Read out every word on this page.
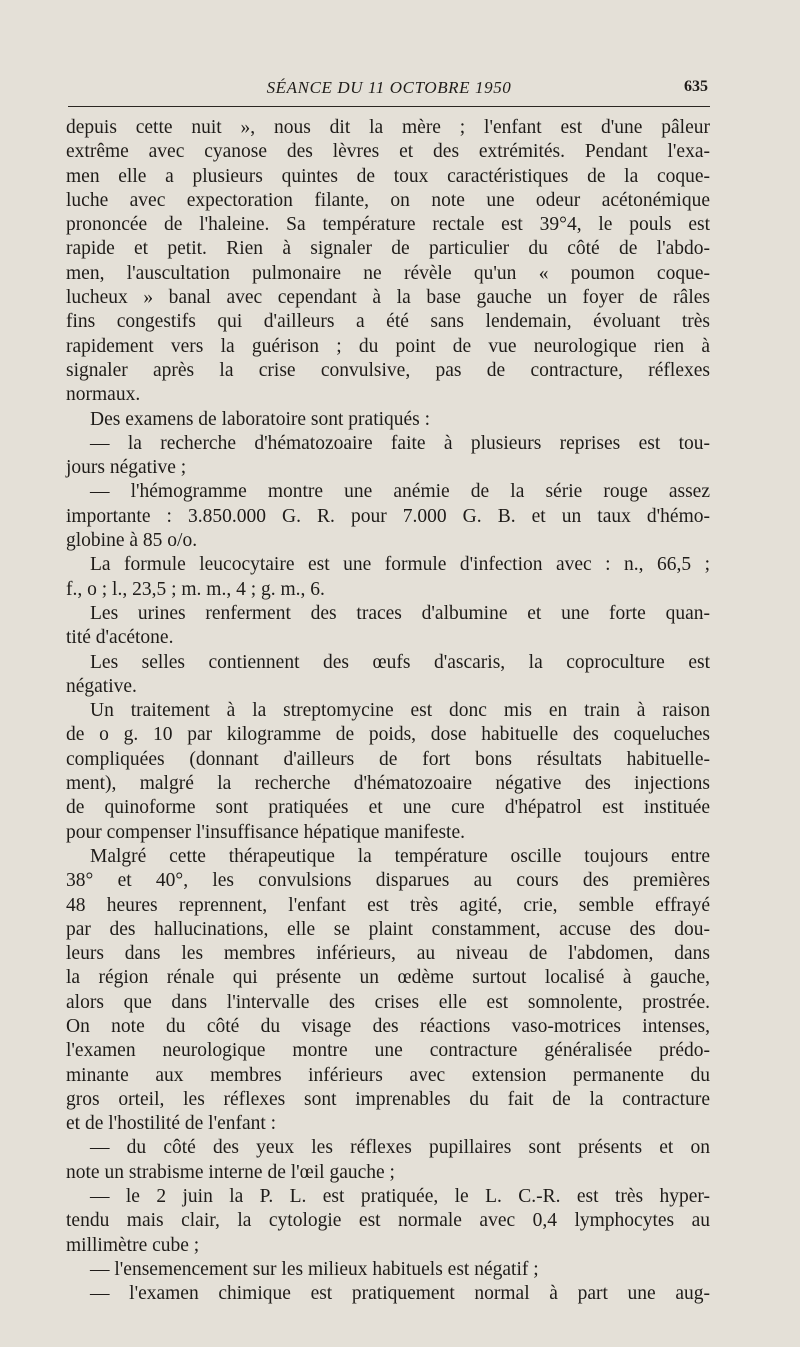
SÉANCE DU 11 OCTOBRE 1950	635
depuis cette nuit », nous dit la mère ; l'enfant est d'une pâleur
extrême avec cyanose des lèvres et des extrémités. Pendant l'exa-
men elle a plusieurs quintes de toux caractéristiques de la coque-
luche avec expectoration filante, on note une odeur acétonémique
prononcée de l'haleine. Sa température rectale est 39°4, le pouls est
rapide et petit. Rien à signaler de particulier du côté de l'abdo-
men, l'auscultation pulmonaire ne révèle qu'un « poumon coque-
lucheux » banal avec cependant à la base gauche un foyer de râles
fins congestifs qui d'ailleurs a été sans lendemain, évoluant très
rapidement vers la guérison ; du point de vue neurologique rien à
signaler après la crise convulsive, pas de contracture, réflexes
normaux.
Des examens de laboratoire sont pratiqués :
— la recherche d'hématozoaire faite à plusieurs reprises est tou-
jours négative ;
— l'hémogramme montre une anémie de la série rouge assez
importante : 3.850.000 G. R. pour 7.000 G. B. et un taux d'hémo-
globine à 85 o/o.
La formule leucocytaire est une formule d'infection avec : n., 66,5 ;
f., o ; l., 23,5 ; m. m., 4 ; g. m., 6.
Les urines renferment des traces d'albumine et une forte quan-
tité d'acétone.
Les selles contiennent des œufs d'ascaris, la coproculture est
négative.
Un traitement à la streptomycine est donc mis en train à raison
de o g. 10 par kilogramme de poids, dose habituelle des coqueluches
compliquées (donnant d'ailleurs de fort bons résultats habituelle-
ment), malgré la recherche d'hématozoaire négative des injections
de quinoforme sont pratiquées et une cure d'hépatrol est instituée
pour compenser l'insuffisance hépatique manifeste.
Malgré cette thérapeutique la température oscille toujours entre
38° et 40°, les convulsions disparues au cours des premières
48 heures reprennent, l'enfant est très agité, crie, semble effrayé
par des hallucinations, elle se plaint constamment, accuse des dou-
leurs dans les membres inférieurs, au niveau de l'abdomen, dans
la région rénale qui présente un œdème surtout localisé à gauche,
alors que dans l'intervalle des crises elle est somnolente, prostrée.
On note du côté du visage des réactions vaso-motrices intenses,
l'examen neurologique montre une contracture généralisée prédo-
minante aux membres inférieurs avec extension permanente du
gros orteil, les réflexes sont imprenables du fait de la contracture
et de l'hostilité de l'enfant :
— du côté des yeux les réflexes pupillaires sont présents et on
note un strabisme interne de l'œil gauche ;
— le 2 juin la P. L. est pratiquée, le L. C.-R. est très hyper-
tendu mais clair, la cytologie est normale avec 0,4 lymphocytes au
millimètre cube ;
— l'ensemencement sur les milieux habituels est négatif ;
— l'examen chimique est pratiquement normal à part une aug-
